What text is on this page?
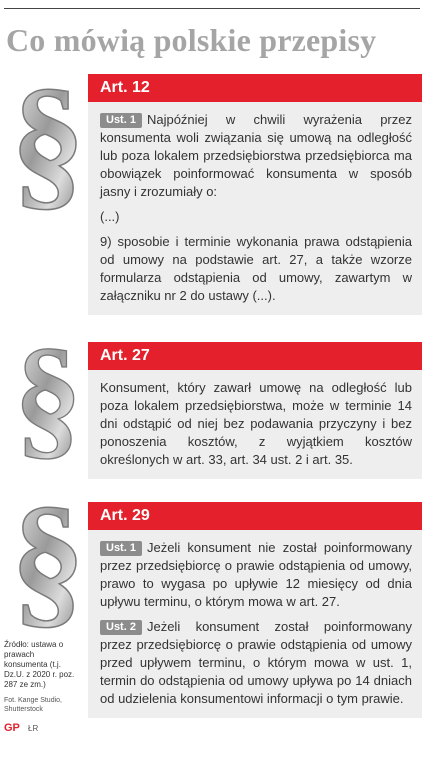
Co mówią polskie przepisy
§ Art. 12

Ust. 1 Najpóźniej w chwili wyrażenia przez konsumenta woli związania się umową na odległość lub poza lokalem przedsiębiorstwa przedsiębiorca ma obowiązek poinformować konsumenta w sposób jasny i zrozumiały o:

(...)

9) sposobie i terminie wykonania prawa odstąpienia od umowy na podstawie art. 27, a także wzorze formularza odstąpienia od umowy, zawartym w załączniku nr 2 do ustawy (...).

§	Art. 27

Konsument, który zawarł umowę na odległość lub poza lokalem przedsiębiorstwa, może w terminie 14 dni odstąpić od niej bez podawania przyczyny i bez ponoszenia kosztów, z wyjątkiem kosztów określonych w art. 33, art. 34 ust. 2 i art. 35.

§ Art. 29

Ust. 1 Jeżeli konsument nie został poinformowany przez przedsiębiorcę o prawie odstąpienia od umowy, prawo to wygasa po upływie 12 miesięcy od dnia upływu terminu, o którym mowa w art. 27.

Ust. 2 Jeżeli konsument został poinformowany przez przedsiębiorcę o prawie odstąpienia od umowy przed upływem terminu, o którym mowa w ust. 1, termin do odstąpienia od umowy upływa po 14 dniach od udzielenia konsumentowi informacji o tym prawie.

Źródło: ustawa o prawach konsumenta (t.j. Dz.U. z 2020 r. poz. 287 ze zm.)
Fot. Kange Studio, Shutterstock
GP ŁR
